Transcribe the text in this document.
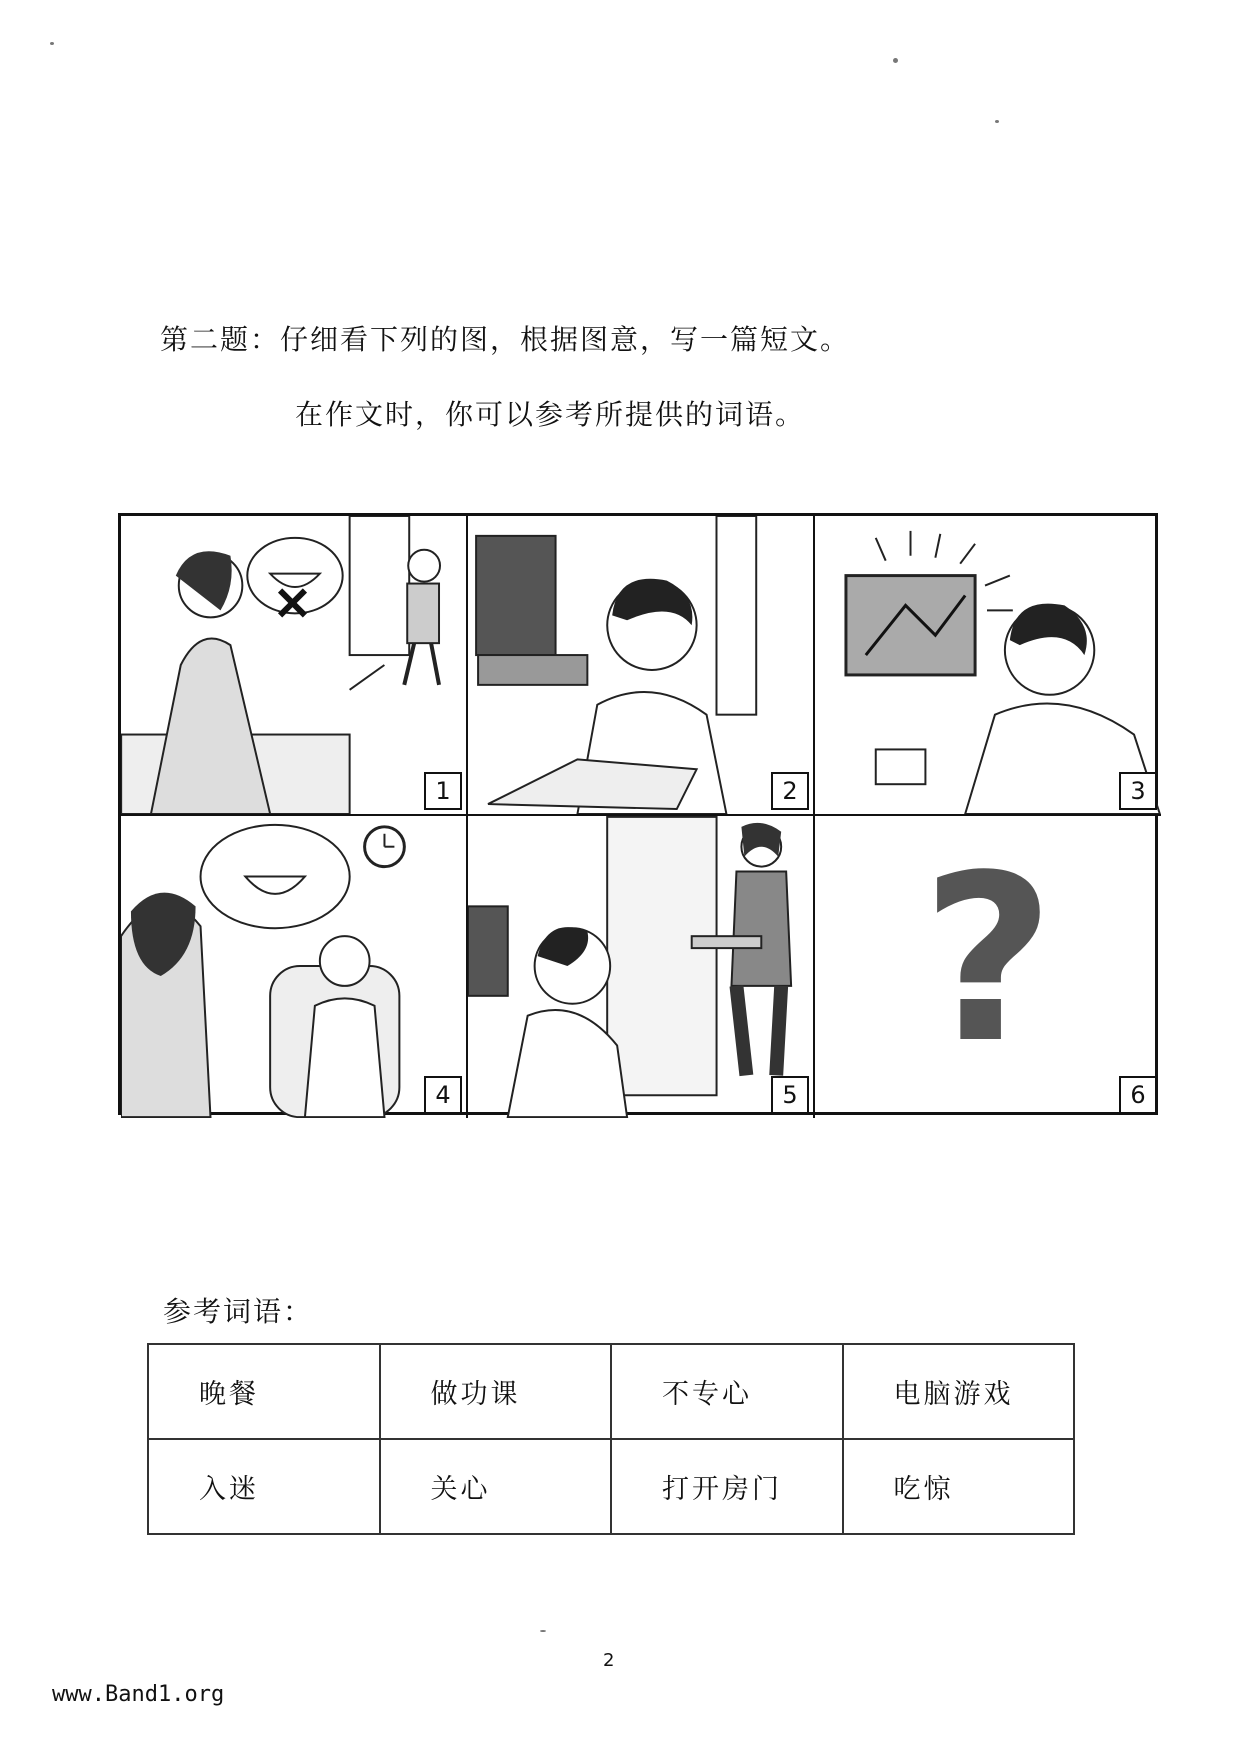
第二题：仔细看下列的图，根据图意，写一篇短文。
在作文时，你可以参考所提供的词语。
1	2	3
4	5
?
6
参考词语：
晚餐	做功课	不专心	电脑游戏
入迷	关心	打开房门	吃惊
2
www.Band1.org
